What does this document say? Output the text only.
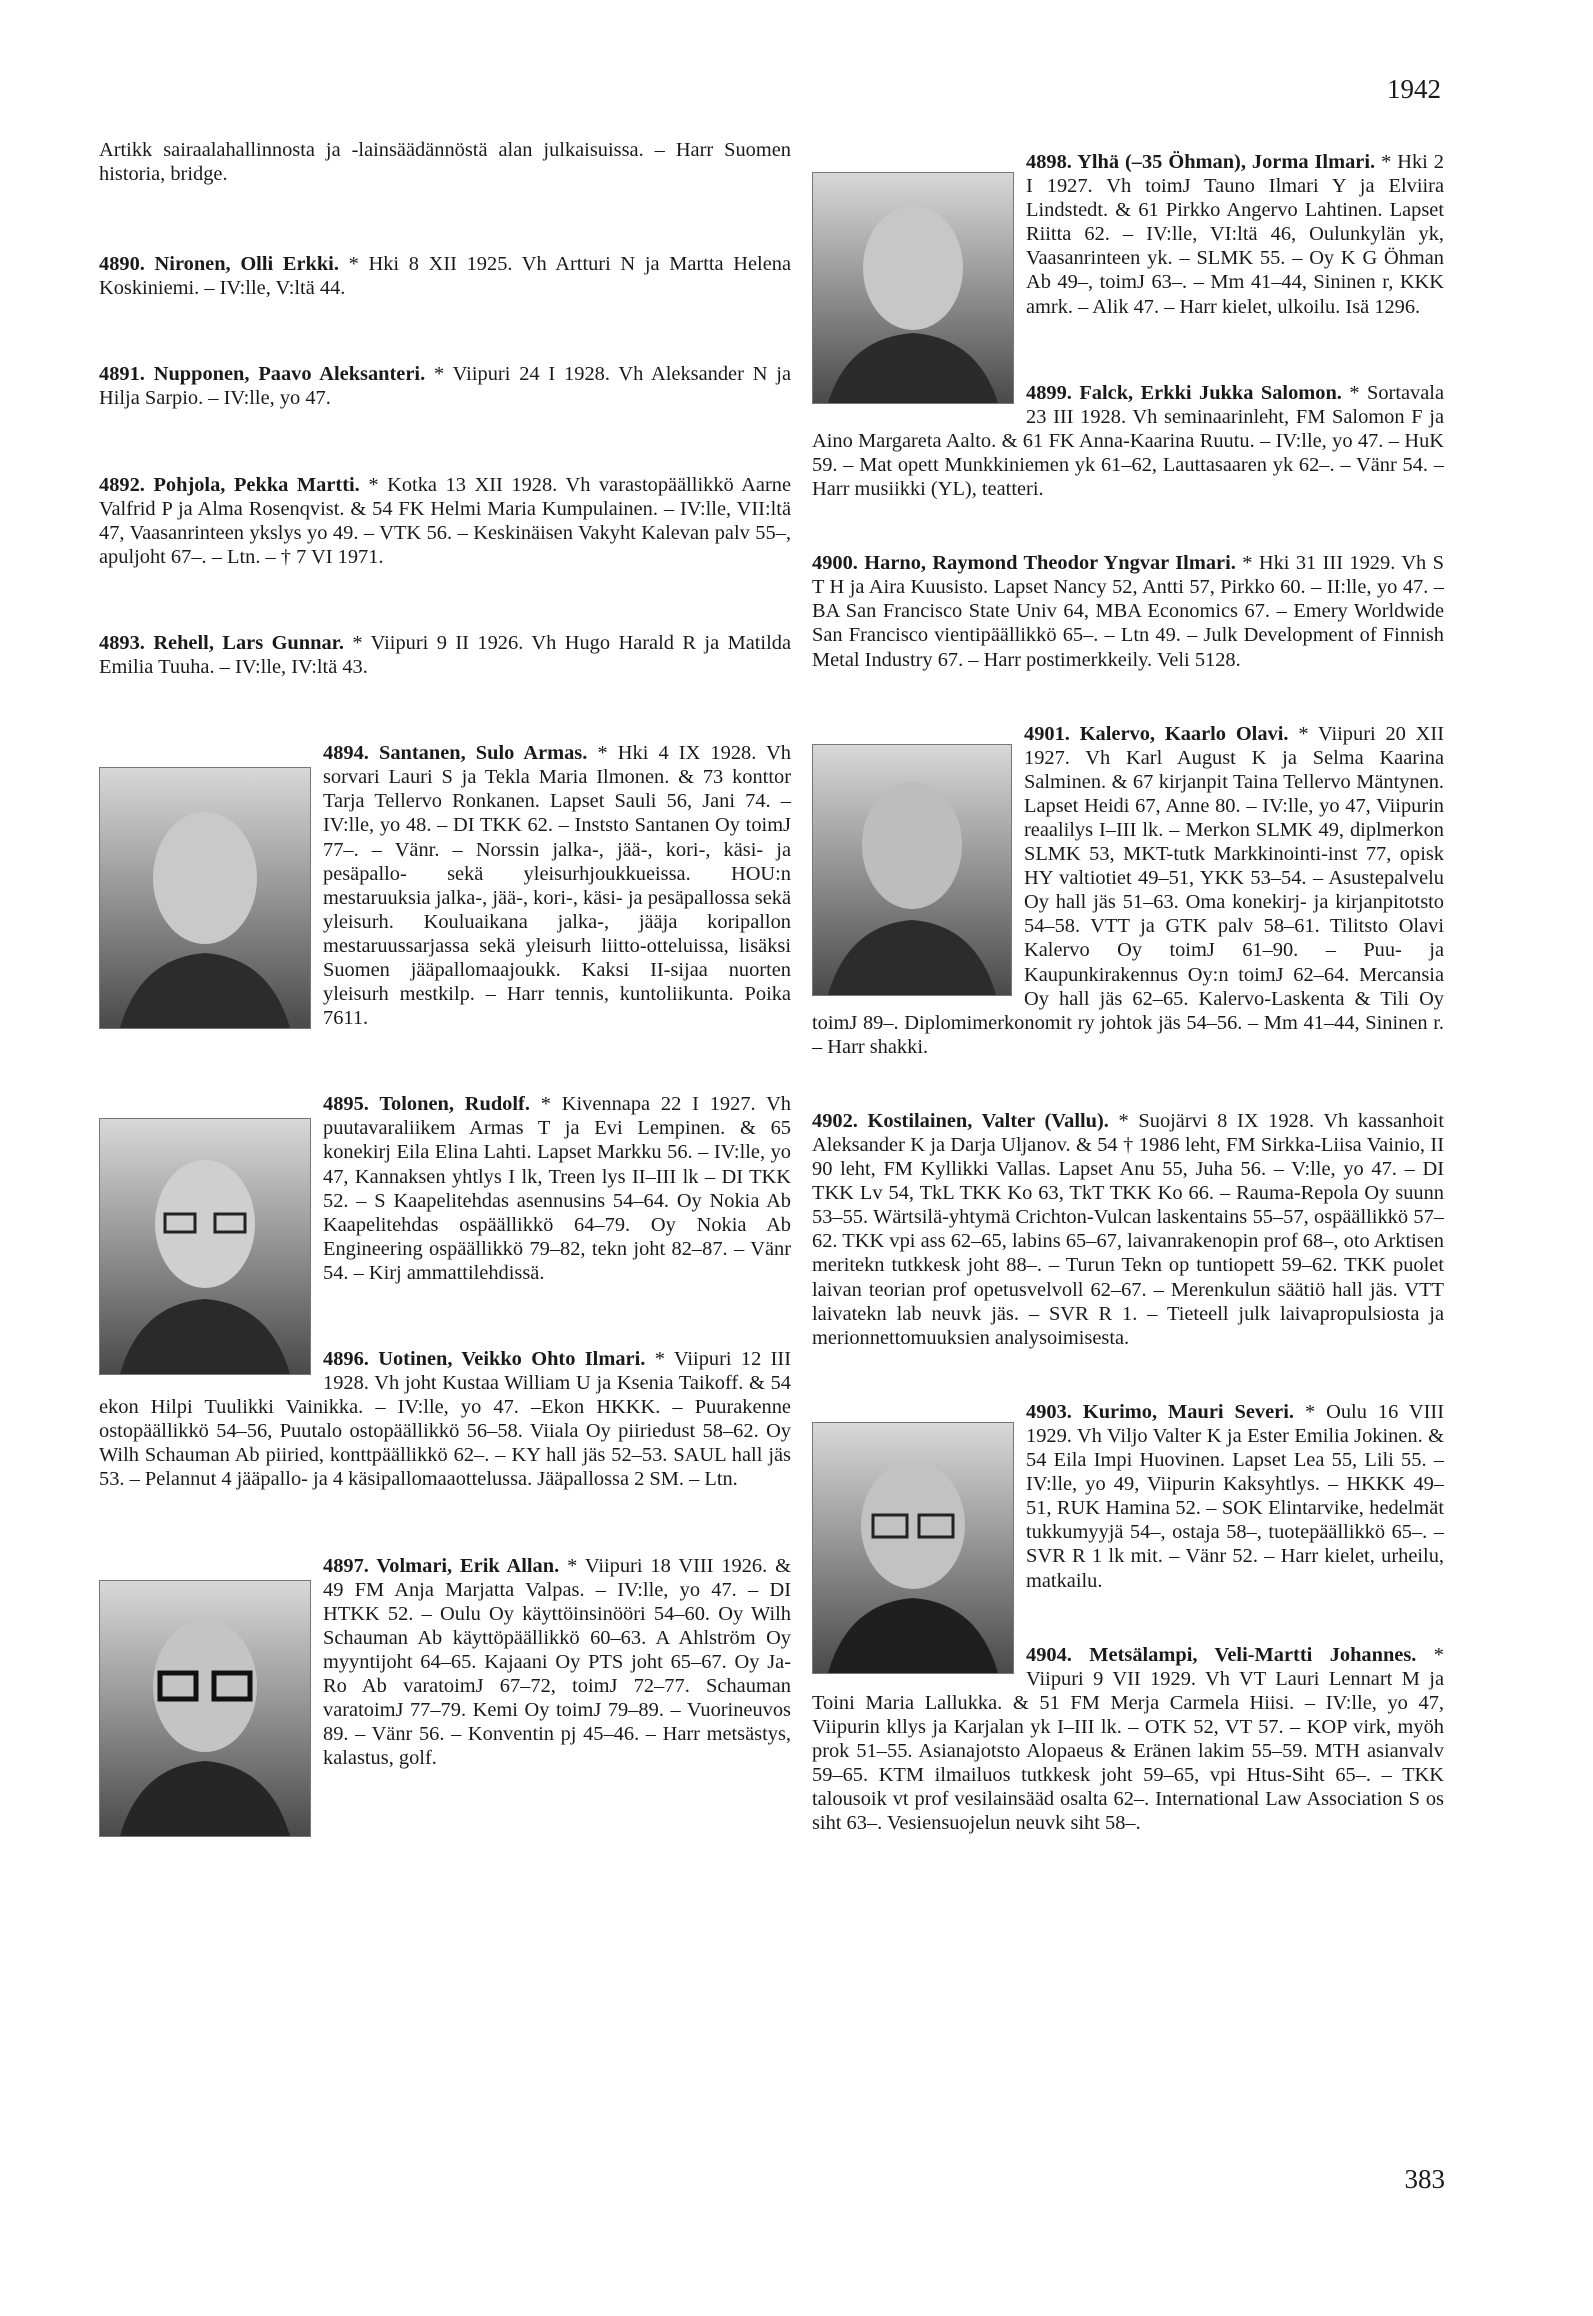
1942

Artikk sairaalahallinnosta ja -lainsäädännöstä alan julkaisuissa. – Harr Suomen historia, bridge.

4890. Nironen, Olli Erkki. * Hki 8 XII 1925. Vh Artturi N ja Martta Helena Koskiniemi. – IV:lle, V:ltä 44.

4891. Nupponen, Paavo Aleksanteri. * Viipuri 24 I 1928. Vh Aleksander N ja Hilja Sarpio. – IV:lle, yo 47.

4892. Pohjola, Pekka Martti. * Kotka 13 XII 1928. Vh varastopäällikkö Aarne Valfrid P ja Alma Rosenqvist. & 54 FK Helmi Maria Kumpulainen. – IV:lle, VII:ltä 47, Vaasanrinteen ykslys yo 49. – VTK 56. – Keskinäisen Vakyht Kalevan palv 55–, apuljoht 67–. – Ltn. – † 7 VI 1971.

4893. Rehell, Lars Gunnar. * Viipuri 9 II 1926. Vh Hugo Harald R ja Matilda Emilia Tuuha. – IV:lle, IV:ltä 43.

4894. Santanen, Sulo Armas. * Hki 4 IX 1928. Vh sorvari Lauri S ja Tekla Maria Ilmonen. & 73 konttor Tarja Tellervo Ronkanen. Lapset Sauli 56, Jani 74. – IV:lle, yo 48. – DI TKK 62. – Inststo Santanen Oy toimJ 77–. – Vänr. – Norssin jalka-, jää-, kori-, käsi- ja pesäpallo- sekä yleisurhjoukkueissa. HOU:n mestaruuksia jalka-, jää-, kori-, käsi- ja pesäpallossa sekä yleisurh. Kouluaikana jalka-, jääja koripallon mestaruussarjassa sekä yleisurh liitto-otteluissa, lisäksi Suomen jääpallomaajoukk. Kaksi II-sijaa nuorten yleisurh mestkilp. – Harr tennis, kuntoliikunta. Poika 7611.

4895. Tolonen, Rudolf. * Kivennapa 22 I 1927. Vh puutavaraliikem Armas T ja Evi Lempinen. & 65 konekirj Eila Elina Lahti. Lapset Markku 56. – IV:lle, yo 47, Kannaksen yhtlys I lk, Treen lys II–III lk – DI TKK 52. – S Kaapelitehdas asennusins 54–64. Oy Nokia Ab Kaapelitehdas ospäällikkö 64–79. Oy Nokia Ab Engineering ospäällikkö 79–82, tekn joht 82–87. – Vänr 54. – Kirj ammattilehdissä.

4896. Uotinen, Veikko Ohto Ilmari. * Viipuri 12 III 1928. Vh joht Kustaa William U ja Ksenia Taikoff. & 54 ekon Hilpi Tuulikki Vainikka. – IV:lle, yo 47. –Ekon HKKK. – Puurakenne ostopäällikkö 54–56, Puutalo ostopäällikkö 56–58. Viiala Oy piiriedust 58–62. Oy Wilh Schauman Ab piiried, konttpäällikkö 62–. – KY hall jäs 52–53. SAUL hall jäs 53. – Pelannut 4 jääpallo- ja 4 käsipallomaaottelussa. Jääpallossa 2 SM. – Ltn.

4897. Volmari, Erik Allan. * Viipuri 18 VIII 1926. & 49 FM Anja Marjatta Valpas. – IV:lle, yo 47. – DI HTKK 52. – Oulu Oy käyttöinsinööri 54–60. Oy Wilh Schauman Ab käyttöpäällikkö 60–63. A Ahlström Oy myyntijoht 64–65. Kajaani Oy PTS joht 65–67. Oy Ja-Ro Ab varatoimJ 67–72, toimJ 72–77. Schauman varatoimJ 77–79. Kemi Oy toimJ 79–89. – Vuorineuvos 89. – Vänr 56. – Konventin pj 45–46. – Harr metsästys, kalastus, golf.

4898. Ylhä (–35 Öhman), Jorma Ilmari. * Hki 2 I 1927. Vh toimJ Tauno Ilmari Y ja Elviira Lindstedt. & 61 Pirkko Angervo Lahtinen. Lapset Riitta 62. – IV:lle, VI:ltä 46, Oulunkylän yk, Vaasanrinteen yk. – SLMK 55. – Oy K G Öhman Ab 49–, toimJ 63–. – Mm 41–44, Sininen r, KKK amrk. – Alik 47. – Harr kielet, ulkoilu. Isä 1296.

4899. Falck, Erkki Jukka Salomon. * Sortavala 23 III 1928. Vh seminaarinleht, FM Salomon F ja Aino Margareta Aalto. & 61 FK Anna-Kaarina Ruutu. – IV:lle, yo 47. – HuK 59. – Mat opett Munkkiniemen yk 61–62, Lauttasaaren yk 62–. – Vänr 54. – Harr musiikki (YL), teatteri.

4900. Harno, Raymond Theodor Yngvar Ilmari. * Hki 31 III 1929. Vh S T H ja Aira Kuusisto. Lapset Nancy 52, Antti 57, Pirkko 60. – II:lle, yo 47. – BA San Francisco State Univ 64, MBA Economics 67. – Emery Worldwide San Francisco vientipäällikkö 65–. – Ltn 49. – Julk Development of Finnish Metal Industry 67. – Harr postimerkkeily. Veli 5128.

4901. Kalervo, Kaarlo Olavi. * Viipuri 20 XII 1927. Vh Karl August K ja Selma Kaarina Salminen. & 67 kirjanpit Taina Tellervo Mäntynen. Lapset Heidi 67, Anne 80. – IV:lle, yo 47, Viipurin reaalilys I–III lk. – Merkon SLMK 49, diplmerkon SLMK 53, MKT-tutk Markkinointi-inst 77, opisk HY valtiotiet 49–51, YKK 53–54. – Asustepalvelu Oy hall jäs 51–63. Oma konekirj- ja kirjanpitotsto 54–58. VTT ja GTK palv 58–61. Tilitsto Olavi Kalervo Oy toimJ 61–90. – Puu- ja Kaupunkirakennus Oy:n toimJ 62–64. Mercansia Oy hall jäs 62–65. Kalervo-Laskenta & Tili Oy toimJ 89–. Diplomimerkonomit ry johtok jäs 54–56. – Mm 41–44, Sininen r. – Harr shakki.

4902. Kostilainen, Valter (Vallu). * Suojärvi 8 IX 1928. Vh kassanhoit Aleksander K ja Darja Uljanov. & 54 † 1986 leht, FM Sirkka-Liisa Vainio, II 90 leht, FM Kyllikki Vallas. Lapset Anu 55, Juha 56. – V:lle, yo 47. – DI TKK Lv 54, TkL TKK Ko 63, TkT TKK Ko 66. – Rauma-Repola Oy suunn 53–55. Wärtsilä-yhtymä Crichton-Vulcan laskentains 55–57, ospäällikkö 57–62. TKK vpi ass 62–65, labins 65–67, laivanrakenopin prof 68–, oto Arktisen meritekn tutkkesk joht 88–. – Turun Tekn op tuntiopett 59–62. TKK puolet laivan teorian prof opetusvelvoll 62–67. – Merenkulun säätiö hall jäs. VTT laivatekn lab neuvk jäs. – SVR R 1. – Tieteell julk laivapropulsiosta ja merionnettomuuksien analysoimisesta.

4903. Kurimo, Mauri Severi. * Oulu 16 VIII 1929. Vh Viljo Valter K ja Ester Emilia Jokinen. & 54 Eila Impi Huovinen. Lapset Lea 55, Lili 55. – IV:lle, yo 49, Viipurin Kaksyhtlys. – HKKK 49–51, RUK Hamina 52. – SOK Elintarvike, hedelmät tukkumyyjä 54–, ostaja 58–, tuotepäällikkö 65–. – SVR R 1 lk mit. – Vänr 52. – Harr kielet, urheilu, matkailu.

4904. Metsälampi, Veli-Martti Johannes. * Viipuri 9 VII 1929. Vh VT Lauri Lennart M ja Toini Maria Lallukka. & 51 FM Merja Carmela Hiisi. – IV:lle, yo 47, Viipurin kllys ja Karjalan yk I–III lk. – OTK 52, VT 57. – KOP virk, myöh prok 51–55. Asianajotsto Alopaeus & Eränen lakim 55–59. MTH asianvalv 59–65. KTM ilmailuos tutkkesk joht 59–65, vpi Htus-Siht 65–. – TKK talousoik vt prof vesilainsääd osalta 62–. International Law Association S os siht 63–. Vesiensuojelun neuvk siht 58–.

383
